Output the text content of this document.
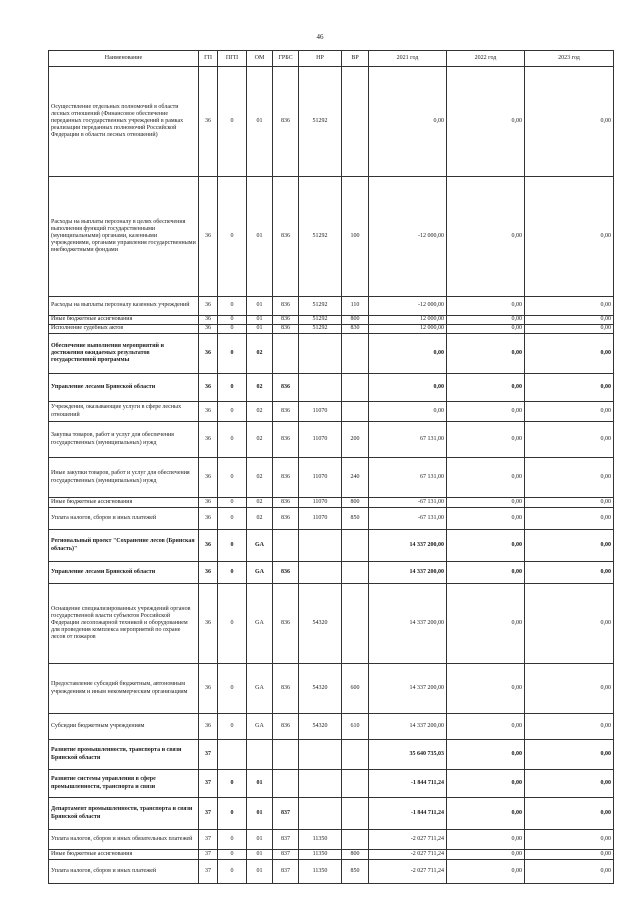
46
Наименование	ГП	ПГП	ОМ	ГРБС	НР	ВР	2021 год	2022 год	2023 год
Осуществление отдельных полномочий в области лесных отношений (Финансовое обеспечение переданных государственных учреждений в рамках реализации переданных полномочий Российской Федерации в области лесных отношений)	36	0	01	836	51292		0,00	0,00	0,00
Расходы на выплаты персоналу в целях обеспечения выполнения функций государственными (муниципальными) органами, казенными учреждениями, органами управления государственными внебюджетными фондами	36	0	01	836	51292	100	-12 000,00	0,00	0,00
Расходы на выплаты персоналу казенных учреждений	36	0	01	836	51292	110	-12 000,00	0,00	0,00
Иные бюджетные ассигнования	36	0	01	836	51292	800	12 000,00	0,00	0,00
Исполнение судебных актов	36	0	01	836	51292	830	12 000,00	0,00	0,00
Обеспечение выполнения мероприятий и достижения ожидаемых результатов государственной программы	36	0	02				0,00	0,00	0,00
Управление лесами Брянской области	36	0	02	836			0,00	0,00	0,00
Учреждения, оказывающие услуги в сфере лесных отношений	36	0	02	836	11070		0,00	0,00	0,00
Закупка товаров, работ и услуг для обеспечения государственных (муниципальных) нужд	36	0	02	836	11070	200	67 131,00	0,00	0,00
Иные закупки товаров, работ и услуг для обеспечения государственных (муниципальных) нужд	36	0	02	836	11070	240	67 131,00	0,00	0,00
Иные бюджетные ассигнования	36	0	02	836	11070	800	-67 131,00	0,00	0,00
Уплата налогов, сборов и иных платежей	36	0	02	836	11070	850	-67 131,00	0,00	0,00
Региональный проект "Сохранение лесов (Брянская область)"	36	0	GA				14 337 200,00	0,00	0,00
Управление лесами Брянской области	36	0	GA	836			14 337 200,00	0,00	0,00
Оснащение специализированных учреждений органов государственной власти субъектов Российской Федерации лесопожарной техникой и оборудованием для проведения комплекса мероприятий по охране лесов от пожаров	36	0	GA	836	54320		14 337 200,00	0,00	0,00
Предоставление субсидий бюджетным, автономным учреждениям и иным некоммерческим организациям	36	0	GA	836	54320	600	14 337 200,00	0,00	0,00
Субсидии бюджетным учреждениям	36	0	GA	836	54320	610	14 337 200,00	0,00	0,00
Развитие промышленности, транспорта и связи Брянской области	37						35 640 735,03	0,00	0,00
Развитие системы управления в сфере промышленности, транспорта и связи	37	0	01				-1 844 711,24	0,00	0,00
Департамент промышленности, транспорта и связи Брянской области	37	0	01	837			-1 844 711,24	0,00	0,00
Уплата налогов, сборов и иных обязательных платежей	37	0	01	837	11350		-2 027 711,24	0,00	0,00
Иные бюджетные ассигнования	37	0	01	837	11350	800	-2 027 711,24	0,00	0,00
Уплата налогов, сборов и иных платежей	37	0	01	837	11350	850	-2 027 711,24	0,00	0,00
